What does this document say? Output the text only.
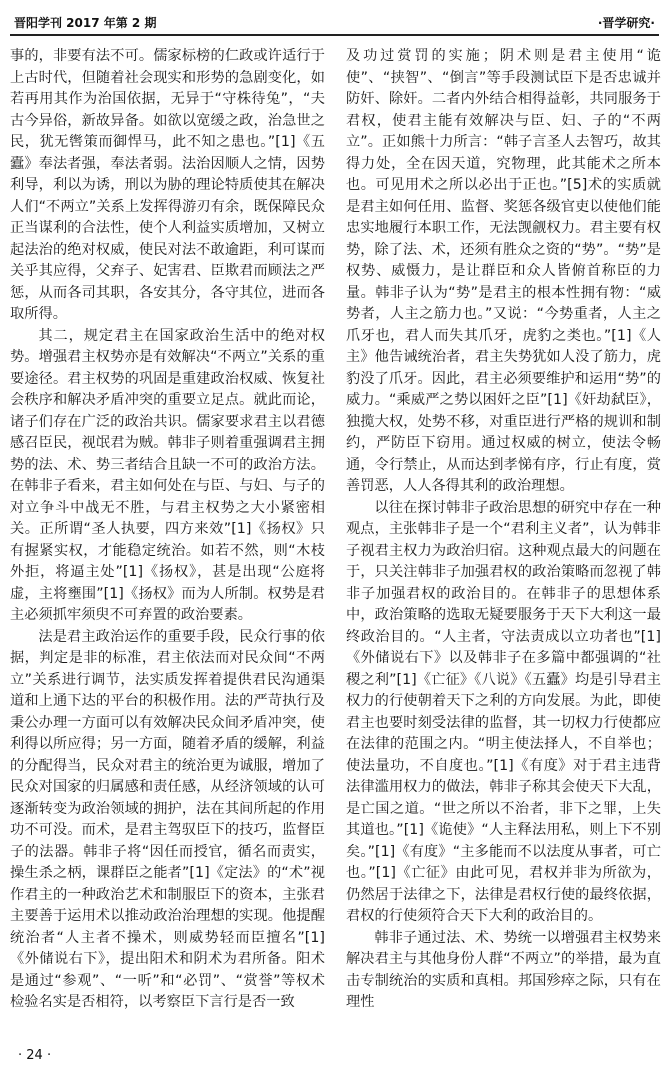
晋阳学刊 2017 年第 2 期	·晋学研究·

事的，非要有法不可。儒家标榜的仁政或许适行于上古时代，但随着社会现实和形势的急剧变化，如若再用其作为治国依据，无异于“守株待兔”，“夫古今异俗，新故异备。如欲以宽缓之政，治急世之民，犹无辔策而御悍马，此不知之患也。”[1]《五蠹》奉法者强，奉法者弱。法治因顺人之情，因势利导，利以为诱，刑以为胁的理论特质使其在解决人们“不两立”关系上发挥得游刃有余，既保障民众正当谋利的合法性，使个人利益实质增加，又树立起法治的绝对权威，使民对法不敢逾距，利可谋而关乎其应得，父弃子、妃害君、臣欺君而顾法之严惩，从而各司其职，各安其分，各守其位，进而各取所得。

其二，规定君主在国家政治生活中的绝对权势。增强君主权势亦是有效解决“不两立”关系的重要途径。君主权势的巩固是重建政治权威、恢复社会秩序和解决矛盾冲突的重要立足点。就此而论，诸子们存在广泛的政治共识。儒家要求君主以君德感召臣民，视氓君为贼。韩非子则着重强调君主拥势的法、术、势三者结合且缺一不可的政治方法。在韩非子看来，君主如何处在与臣、与妇、与子的对立争斗中战无不胜，与君主权势之大小紧密相关。正所谓“圣人执要，四方来效”[1]《扬权》只有握紧实权，才能稳定统治。如若不然，则“木枝外拒，将逼主处”[1]《扬权》，甚是出现“公庭将虚，主将壅围”[1]《扬权》而为人所制。权势是君主必须抓牢须臾不可弃置的政治要素。

法是君主政治运作的重要手段，民众行事的依据，判定是非的标准，君主依法而对民众间“不两立”关系进行调节，法实质发挥着提供君民沟通渠道和上通下达的平台的积极作用。法的严苛执行及秉公办理一方面可以有效解决民众间矛盾冲突，使利得以所应得；另一方面，随着矛盾的缓解，利益的分配得当，民众对君主的统治更为诚服，增加了民众对国家的归属感和责任感，从经济领域的认可逐渐转变为政治领域的拥护，法在其间所起的作用功不可没。而术，是君主驾驭臣下的技巧，监督臣子的法器。韩非子将“因任而授官，循名而责实，操生杀之柄，课群臣之能者”[1]《定法》的“术”视作君主的一种政治艺术和制服臣下的资本，主张君主要善于运用术以推动政治治理想的实现。他提醒统治者“人主者不操术，则威势轻而臣擅名”[1]《外储说右下》，提出阳术和阴术为君所备。阳术是通过“参观”、“一听”和“必罚”、“赏誉”等权术检验名实是否相符，以考察臣下言行是否一致

及功过赏罚的实施；阴术则是君主使用“诡使”、“挟智”、“倒言”等手段测试臣下是否忠诚并防奸、除奸。二者内外结合相得益彰，共同服务于君权，使君主能有效解决与臣、妇、子的“不两立”。正如熊十力所言：“韩子言圣人去智巧，故其得力处，全在因天道，究物理，此其能术之所本也。可见用术之所以必出于正也。”[5]术的实质就是君主如何任用、监督、奖惩各级官吏以使他们能忠实地履行本职工作，无法觊觎权力。君主要有权势，除了法、术，还须有胜众之资的“势”。“势”是权势、威慑力，是让群臣和众人皆俯首称臣的力量。韩非子认为“势”是君主的根本性拥有物：“威势者，人主之筋力也。”又说：“今势重者，人主之爪牙也，君人而失其爪牙，虎豹之类也。”[1]《人主》他告诫统治者，君主失势犹如人没了筋力，虎豹没了爪牙。因此，君主必须要维护和运用“势”的威力。“乘威严之势以困奸之臣”[1]《奸劫弑臣》，独揽大权，处势不移，对重臣进行严格的规训和制约，严防臣下窃用。通过权威的树立，使法令畅通，令行禁止，从而达到孝悌有序，行止有度，赏善罚恶，人人各得其利的政治理想。

以往在探讨韩非子政治思想的研究中存在一种观点，主张韩非子是一个“君利主义者”，认为韩非子视君主权力为政治归宿。这种观点最大的问题在于，只关注韩非子加强君权的政治策略而忽视了韩非子加强君权的政治目的。在韩非子的思想体系中，政治策略的选取无疑要服务于天下大利这一最终政治目的。“人主者，守法责成以立功者也”[1]《外储说右下》以及韩非子在多篇中都强调的“社稷之利”[1]《亡征》《八说》《五蠹》均是引导君主权力的行使朝着天下之利的方向发展。为此，即使君主也要时刻受法律的监督，其一切权力行使都应在法律的范围之内。“明主使法择人，不自举也；使法量功，不自度也。”[1]《有度》对于君主违背法律滥用权力的做法，韩非子称其会使天下大乱，是亡国之道。“世之所以不治者，非下之罪，上失其道也。”[1]《诡使》“人主释法用私，则上下不别矣。”[1]《有度》“主多能而不以法度从事者，可亡也。”[1]《亡征》由此可见，君权并非为所欲为，仍然居于法律之下，法律是君权行使的最终依据，君权的行使须符合天下大利的政治目的。

韩非子通过法、术、势统一以增强君主权势来解决君主与其他身份人群“不两立”的举措，最为直击专制统治的实质和真相。邦国殄瘁之际，只有在理性

· 24 ·
